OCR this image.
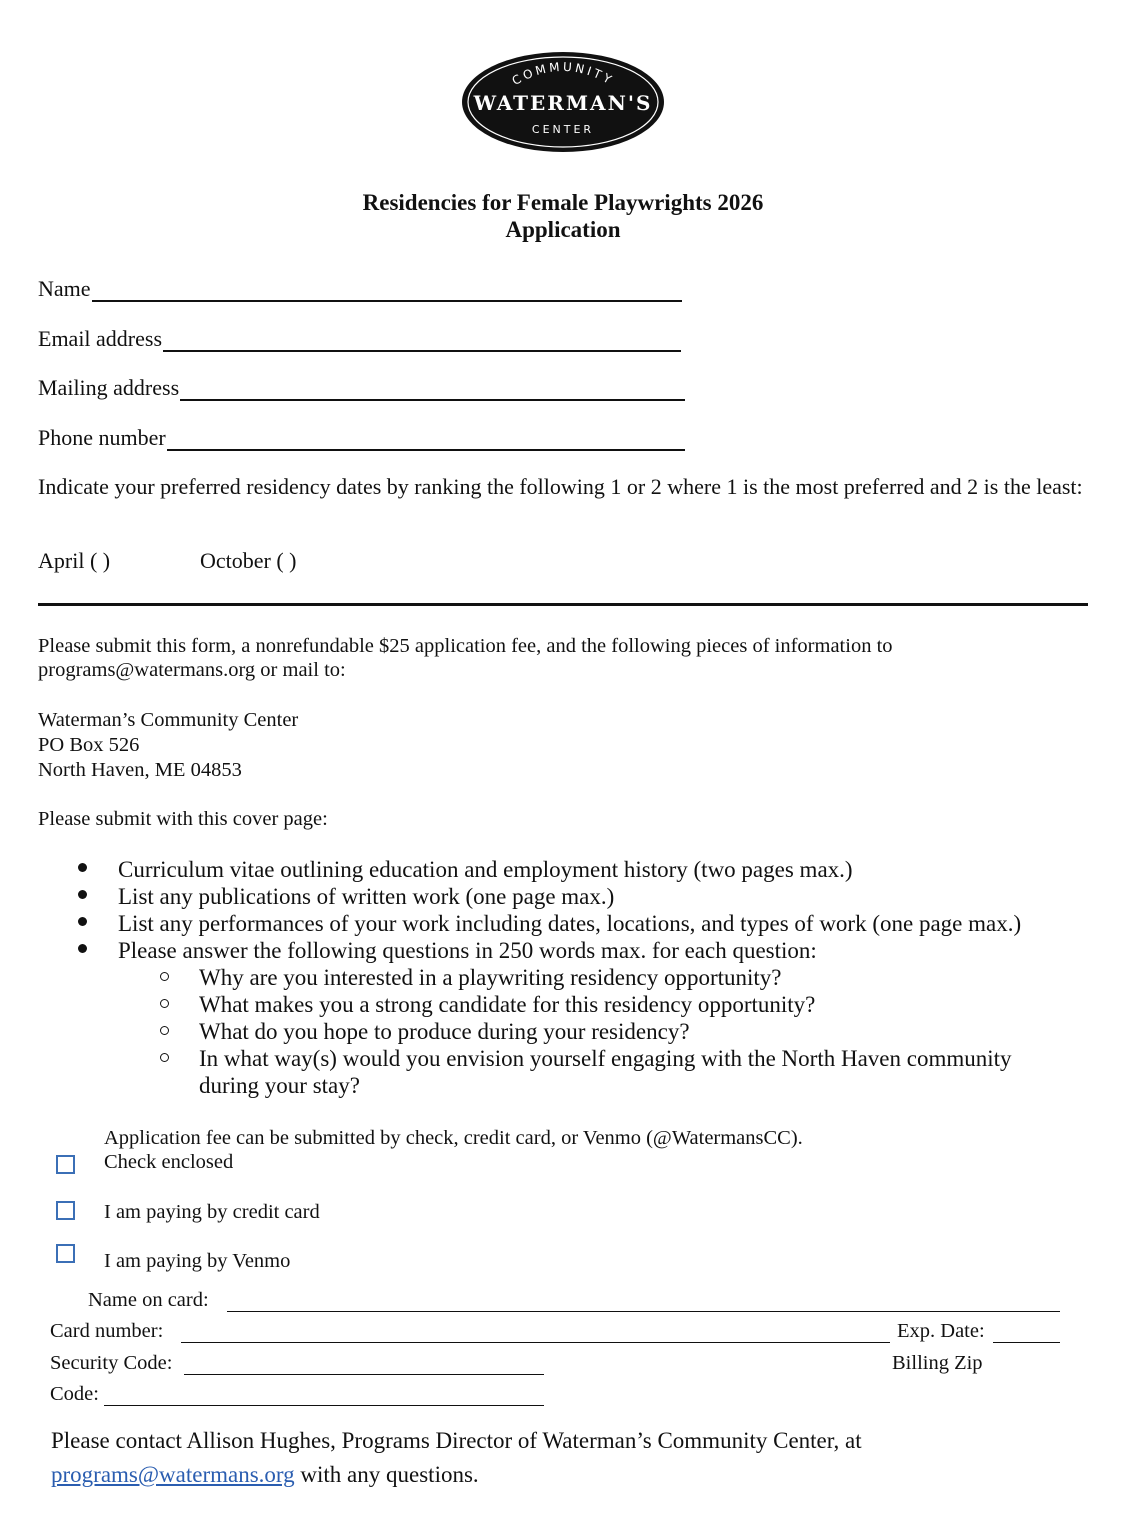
COMMUNITY
WATERMAN'S
CENTER
Residencies for Female Playwrights 2026
Application
Name
Email address
Mailing address
Phone number
Indicate your preferred residency dates by ranking the following 1 or 2 where 1 is the most preferred and 2 is the least:
April ( )	October ( )
Please submit this form, a nonrefundable $25 application fee, and the following pieces of information to
programs@watermans.org or mail to:
Waterman’s Community Center
PO Box 526
North Haven, ME 04853
Please submit with this cover page:
Curriculum vitae outlining education and employment history (two pages max.)
List any publications of written work (one page max.)
List any performances of your work including dates, locations, and types of work (one page max.)
Please answer the following questions in 250 words max. for each question:
Why are you interested in a playwriting residency opportunity?
What makes you a strong candidate for this residency opportunity?
What do you hope to produce during your residency?
In what way(s) would you envision yourself engaging with the North Haven community
during your stay?
Application fee can be submitted by check, credit card, or Venmo (@WatermansCC).
Check enclosed
I am paying by credit card
I am paying by Venmo
Name on card:
Card number:	Exp. Date:
Security Code:	Billing Zip
Code:
Please contact Allison Hughes, Programs Director of Waterman’s Community Center, at
programs@watermans.org with any questions.
